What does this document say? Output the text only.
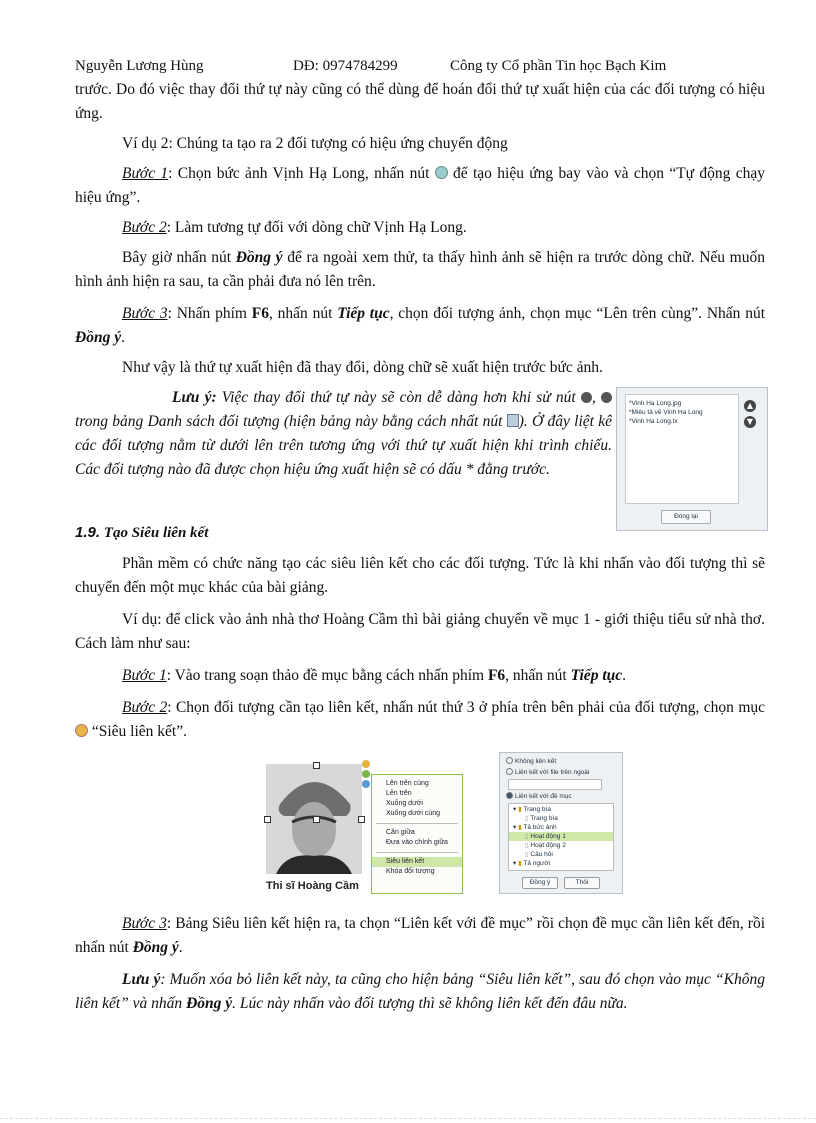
Nguyễn Lương Hùng	DĐ: 0974784299	Công ty Cổ phần Tin học Bạch Kim
trước. Do đó việc thay đổi thứ tự này cũng có thể dùng để hoán đổi thứ tự xuất hiện của các đối tượng có hiệu ứng.
Ví dụ 2: Chúng ta tạo ra 2 đối tượng có hiệu ứng chuyển động
Bước 1: Chọn bức ảnh Vịnh Hạ Long, nhấn nút  để tạo hiệu ứng bay vào và chọn “Tự động chạy hiệu ứng”.
Bước 2: Làm tương tự đối với dòng chữ Vịnh Hạ Long.
Bây giờ nhấn nút Đồng ý để ra ngoài xem thử, ta thấy hình ảnh sẽ hiện ra trước dòng chữ. Nếu muốn hình ảnh hiện ra sau, ta cần phải đưa nó lên trên.
Bước 3: Nhấn phím F6, nhấn nút Tiếp tục, chọn đối tượng ảnh, chọn mục “Lên trên cùng”. Nhấn nút Đồng ý.
Như vậy là thứ tự xuất hiện đã thay đổi, dòng chữ sẽ xuất hiện trước bức ảnh.
Lưu ý: Việc thay đổi thứ tự này sẽ còn dễ dàng hơn khi sử nút ,  trong bảng Danh sách đối tượng (hiện bảng này bằng cách nhất nút ). Ở đây liệt kê các đối tượng nằm từ dưới lên trên tương ứng với thứ tự xuất hiện khi trình chiếu. Các đối tượng nào đã được chọn hiệu ứng xuất hiện sẽ có dấu * đằng trước.
*Vinh Ha Long.jpg
*Miêu tả về Vinh Ha Long
*Vinh Ha Long.tx
▲
▼
Đóng lại
1.9. Tạo Siêu liên kết
Phần mềm có chức năng tạo các siêu liên kết cho các đối tượng. Tức là khi nhấn vào đối tượng thì sẽ chuyển đến một mục khác của bài giảng.
Ví dụ: để click vào ảnh nhà thơ Hoàng Cầm thì bài giảng chuyển về mục 1 - giới thiệu tiểu sử nhà thơ. Cách làm như sau:
Bước 1: Vào trang soạn thảo đề mục bằng cách nhấn phím F6, nhấn nút Tiếp tục.
Bước 2: Chọn đối tượng cần tạo liên kết, nhấn nút thứ 3 ở phía trên bên phải của đối tượng, chọn mục  “Siêu liên kết”.
Thi sĩ Hoàng Cầm
Lên trên cùng
Lên trên
Xuống dưới
Xuống dưới cùng
Căn giữa
Đưa vào chính giữa
Siêu liên kết
Khóa đối tượng
Không liên kết
Liên kết với file trên ngoài
Liên kết với đề mục
▾ ▮ Trang bìa
▯ Trang bìa
▾ ▮ Tả bức ảnh
▯ Hoạt động 1
▯ Hoạt động 2
▯ Câu hỏi
▾ ▮ Tả người
Đồng ý	Thôi
Bước 3: Bảng Siêu liên kết hiện ra, ta chọn “Liên kết với đề mục” rồi chọn đề mục cần liên kết đến, rồi nhấn nút Đồng ý.
Lưu ý: Muốn xóa bỏ liên kết này, ta cũng cho hiện bảng “Siêu liên kết”, sau đó chọn vào mục “Không liên kết” và nhấn Đồng ý. Lúc này nhấn vào đối tượng thì sẽ không liên kết đến đâu nữa.
